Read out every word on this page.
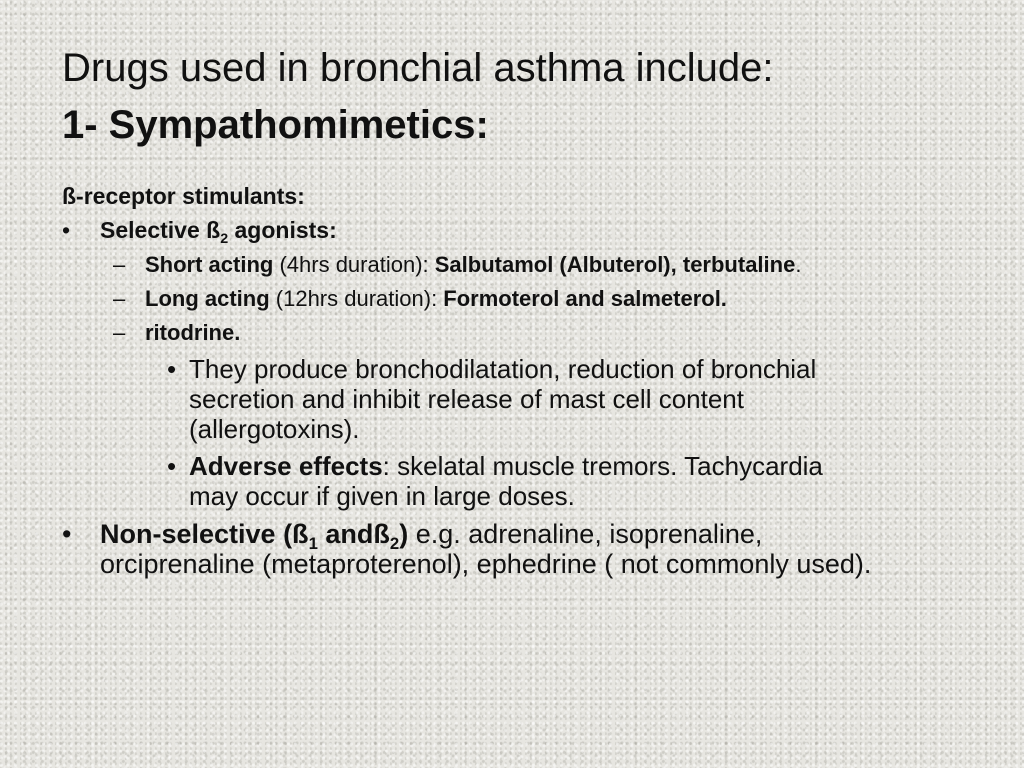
Drugs used in bronchial asthma include:
1- Sympathomimetics:
ß-receptor stimulants:
•	Selective $ß_2$ agonists:
– Short acting (4hrs duration): Salbutamol (Albuterol), terbutaline.
– Long acting (12hrs duration): Formoterol and salmeterol.
– ritodrine.
• They produce bronchodilatation, reduction of bronchial
secretion and inhibit release of mast cell content
(allergotoxins).
• Adverse effects: skelatal muscle tremors. Tachycardia
may occur if given in large doses.
• Non-selective ($ß_1$ andß$_2$) e.g. adrenaline, isoprenaline,
orciprenaline (metaproterenol), ephedrine ( not commonly used).
